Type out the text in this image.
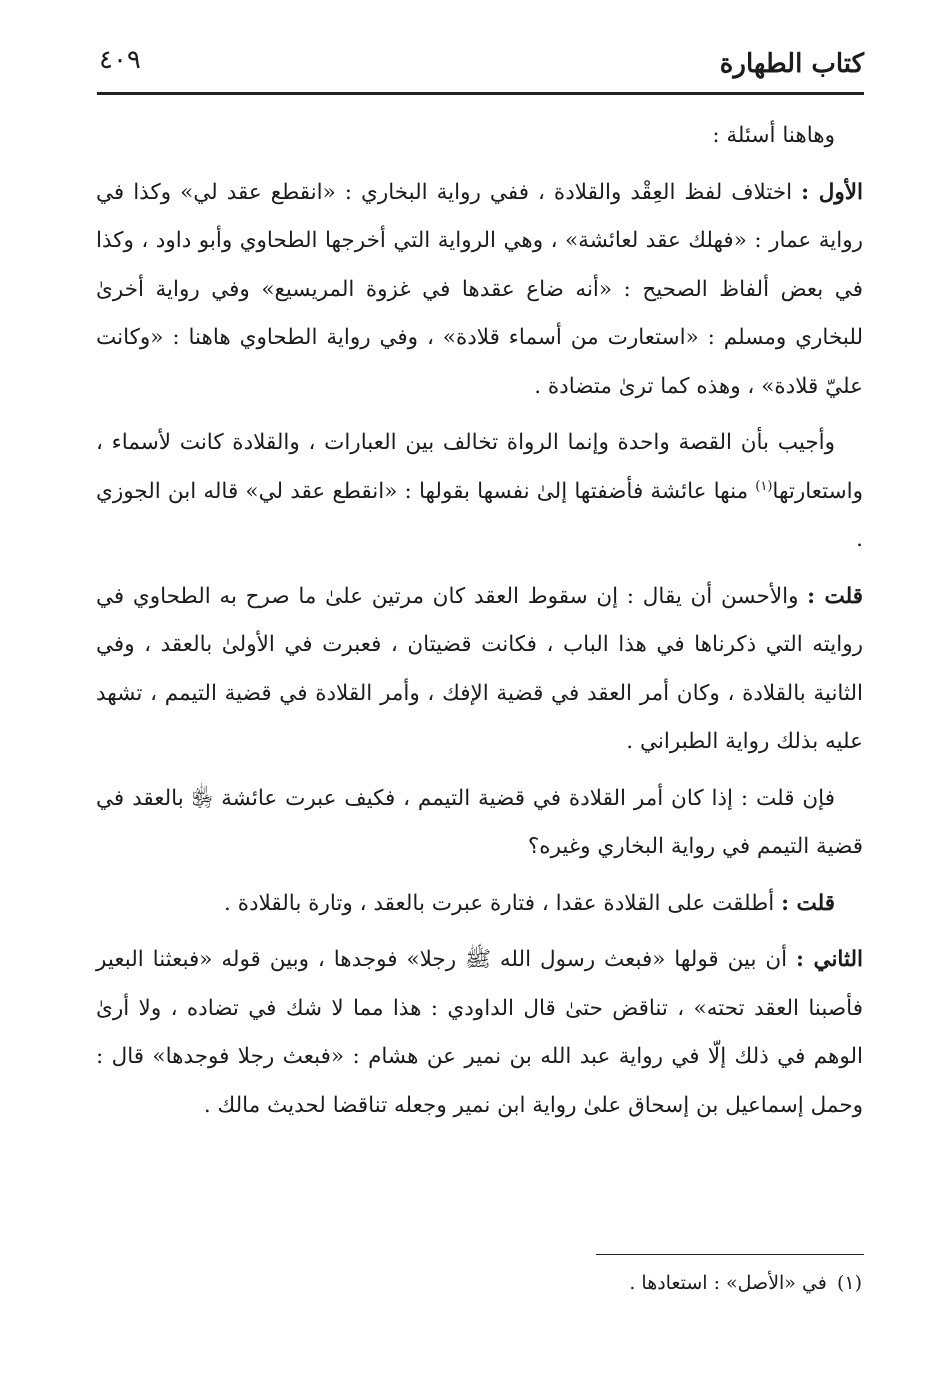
كتاب الطهارة
٤٠٩

وهاهنا أسئلة :

الأول : اختلاف لفظ العِقْد والقلادة ، ففي رواية البخاري : «انقطع عقد لي» وكذا في رواية عمار : «فهلك عقد لعائشة» ، وهي الرواية التي أخرجها الطحاوي وأبو داود ، وكذا في بعض ألفاظ الصحيح : «أنه ضاع عقدها في غزوة المريسيع» وفي رواية أخرىٰ للبخاري ومسلم : «استعارت من أسماء قلادة» ، وفي رواية الطحاوي هاهنا : «وكانت عليّ قلادة» ، وهذه كما ترىٰ متضادة .

وأجيب بأن القصة واحدة وإنما الرواة تخالف بين العبارات ، والقلادة كانت لأسماء ، واستعارتها$^{(١)}$ منها عائشة فأضفتها إلىٰ نفسها بقولها : «انقطع عقد لي» قاله ابن الجوزي .

قلت : والأحسن أن يقال : إن سقوط العقد كان مرتين علىٰ ما صرح به الطحاوي في روايته التي ذكرناها في هذا الباب ، فكانت قضيتان ، فعبرت في الأولىٰ بالعقد ، وفي الثانية بالقلادة ، وكان أمر العقد في قضية الإفك ، وأمر القلادة في قضية التيمم ، تشهد عليه بذلك رواية الطبراني .

فإن قلت : إذا كان أمر القلادة في قضية التيمم ، فكيف عبرت عائشة ﵂ بالعقد في قضية التيمم في رواية البخاري وغيره؟

قلت : أطلقت على القلادة عقدا ، فتارة عبرت بالعقد ، وتارة بالقلادة .

الثاني : أن بين قولها «فبعث رسول الله ﷺ رجلا» فوجدها ، وبين قوله «فبعثنا البعير فأصبنا العقد تحته» ، تناقض حتىٰ قال الداودي : هذا مما لا شك في تضاده ، ولا أرىٰ الوهم في ذلك إلّا في رواية عبد الله بن نمير عن هشام : «فبعث رجلا فوجدها» قال : وحمل إسماعيل بن إسحاق علىٰ رواية ابن نمير وجعله تناقضا لحديث مالك .

(١) في «الأصل» : استعادها .
